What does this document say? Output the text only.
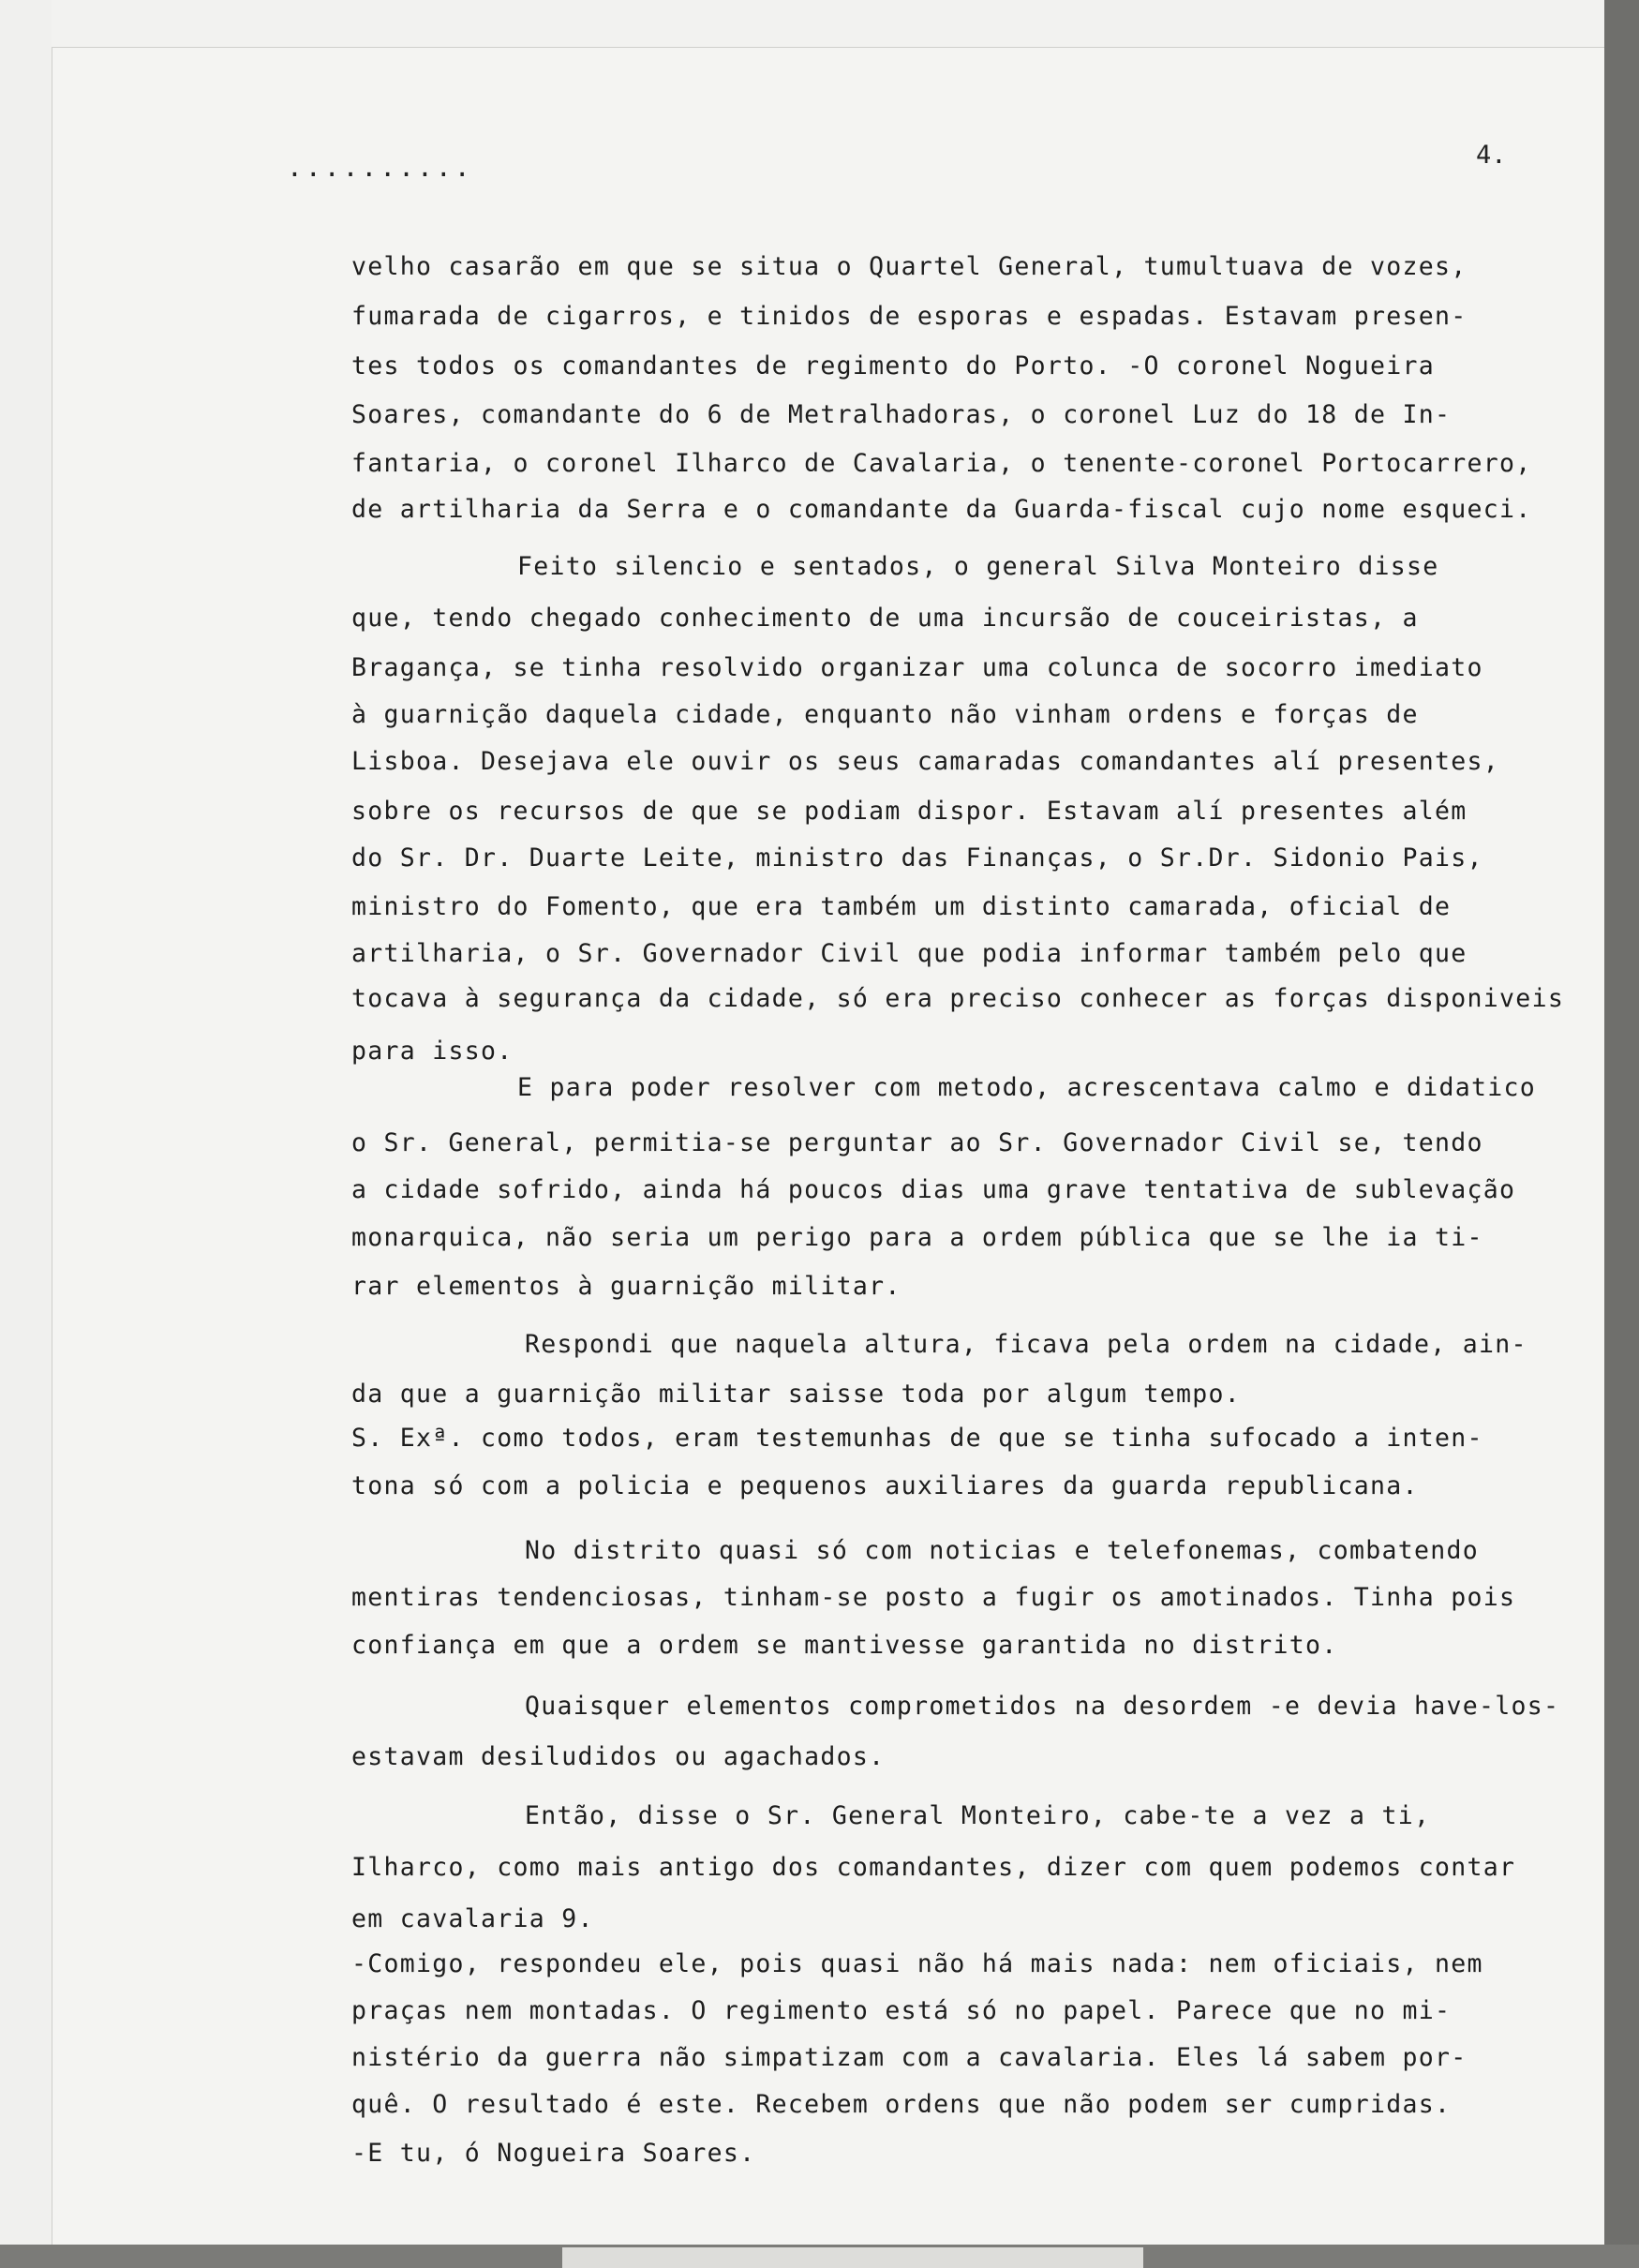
..........	4.
velho casarão em que se situa o Quartel General, tumultuava de vozes,
fumarada de cigarros, e tinidos de esporas e espadas. Estavam presen-
tes todos os comandantes de regimento do Porto. -O coronel Nogueira
Soares, comandante do 6 de Metralhadoras, o coronel Luz do 18 de In-
fantaria, o coronel Ilharco de Cavalaria, o tenente-coronel Portocarrero,
de artilharia da Serra e o comandante da Guarda-fiscal cujo nome esqueci.
Feito silencio e sentados, o general Silva Monteiro disse
que, tendo chegado conhecimento de uma incursão de couceiristas, a
Bragança, se tinha resolvido organizar uma colunca de socorro imediato
à guarnição daquela cidade, enquanto não vinham ordens e forças de
Lisboa. Desejava ele ouvir os seus camaradas comandantes alí presentes,
sobre os recursos de que se podiam dispor. Estavam alí presentes além
do Sr. Dr. Duarte Leite, ministro das Finanças, o Sr.Dr. Sidonio Pais,
ministro do Fomento, que era também um distinto camarada, oficial de
artilharia, o Sr. Governador Civil que podia informar também pelo que
tocava à segurança da cidade, só era preciso conhecer as forças disponiveis
para isso.
E para poder resolver com metodo, acrescentava calmo e didatico
o Sr. General, permitia-se perguntar ao Sr. Governador Civil se, tendo
a cidade sofrido, ainda há poucos dias uma grave tentativa de sublevação
monarquica, não seria um perigo para a ordem pública que se lhe ia ti-
rar elementos à guarnição militar.
Respondi que naquela altura, ficava pela ordem na cidade, ain-
da que a guarnição militar saisse toda por algum tempo.
S. Exª. como todos, eram testemunhas de que se tinha sufocado a inten-
tona só com a policia e pequenos auxiliares da guarda republicana.
No distrito quasi só com noticias e telefonemas, combatendo
mentiras tendenciosas, tinham-se posto a fugir os amotinados. Tinha pois
confiança em que a ordem se mantivesse garantida no distrito.
Quaisquer elementos comprometidos na desordem -e devia have-los-
estavam desiludidos ou agachados.
Então, disse o Sr. General Monteiro, cabe-te a vez a ti,
Ilharco, como mais antigo dos comandantes, dizer com quem podemos contar
em cavalaria 9.
-Comigo, respondeu ele, pois quasi não há mais nada: nem oficiais, nem
praças nem montadas. O regimento está só no papel. Parece que no mi-
nistério da guerra não simpatizam com a cavalaria. Eles lá sabem por-
quê. O resultado é este. Recebem ordens que não podem ser cumpridas.
-E tu, ó Nogueira Soares.
